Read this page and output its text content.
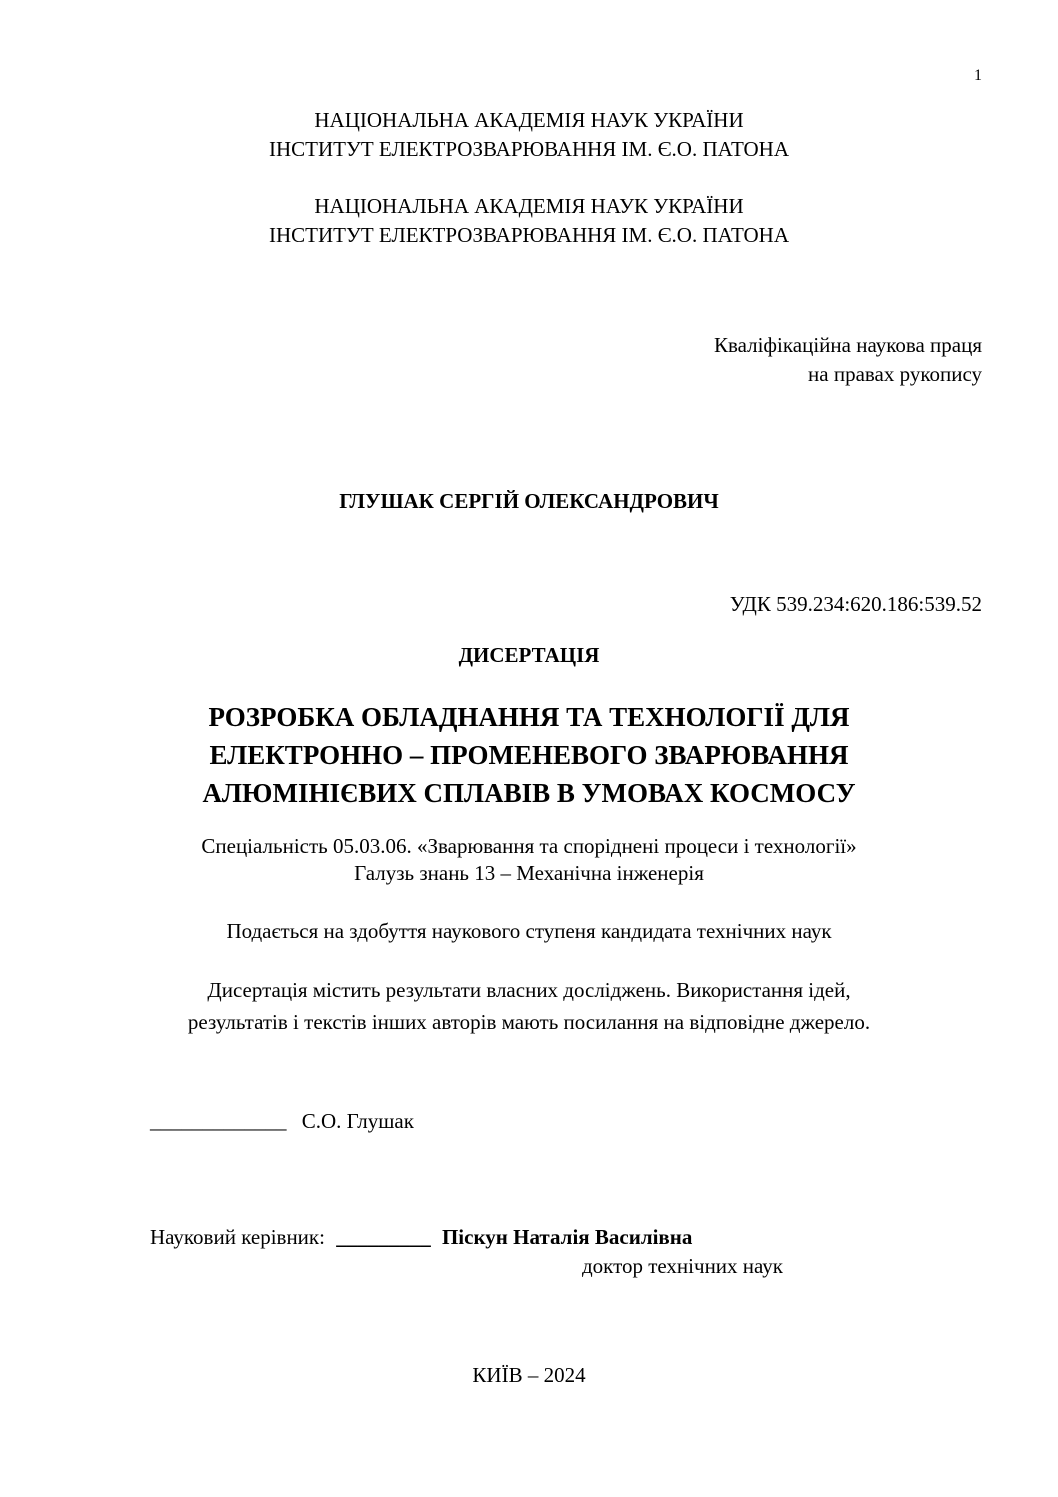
1
НАЦІОНАЛЬНА АКАДЕМІЯ НАУК УКРАЇНИ
ІНСТИТУТ ЕЛЕКТРОЗВАРЮВАННЯ ІМ. Є.О. ПАТОНА
НАЦІОНАЛЬНА АКАДЕМІЯ НАУК УКРАЇНИ
ІНСТИТУТ ЕЛЕКТРОЗВАРЮВАННЯ ІМ. Є.О. ПАТОНА
Кваліфікаційна наукова праця
на правах рукопису
ГЛУШАК СЕРГІЙ ОЛЕКСАНДРОВИЧ
УДК 539.234:620.186:539.52
ДИСЕРТАЦІЯ
РОЗРОБКА ОБЛАДНАННЯ ТА ТЕХНОЛОГІЇ ДЛЯ
ЕЛЕКТРОННО – ПРОМЕНЕВОГО ЗВАРЮВАННЯ
АЛЮМІНІЄВИХ СПЛАВІВ В УМОВАХ КОСМОСУ
Спеціальність 05.03.06. «Зварювання та споріднені процеси і технології»
Галузь знань 13 – Механічна інженерія
Подається на здобуття наукового ступеня кандидата технічних наук
Дисертація містить результати власних досліджень. Використання ідей,
результатів і текстів інших авторів мають посилання на відповідне джерело.
_____________ С.О. Глушак
Науковий керівник: _________ Піскун Наталія Василівна
доктор технічних наук
КИЇВ – 2024
